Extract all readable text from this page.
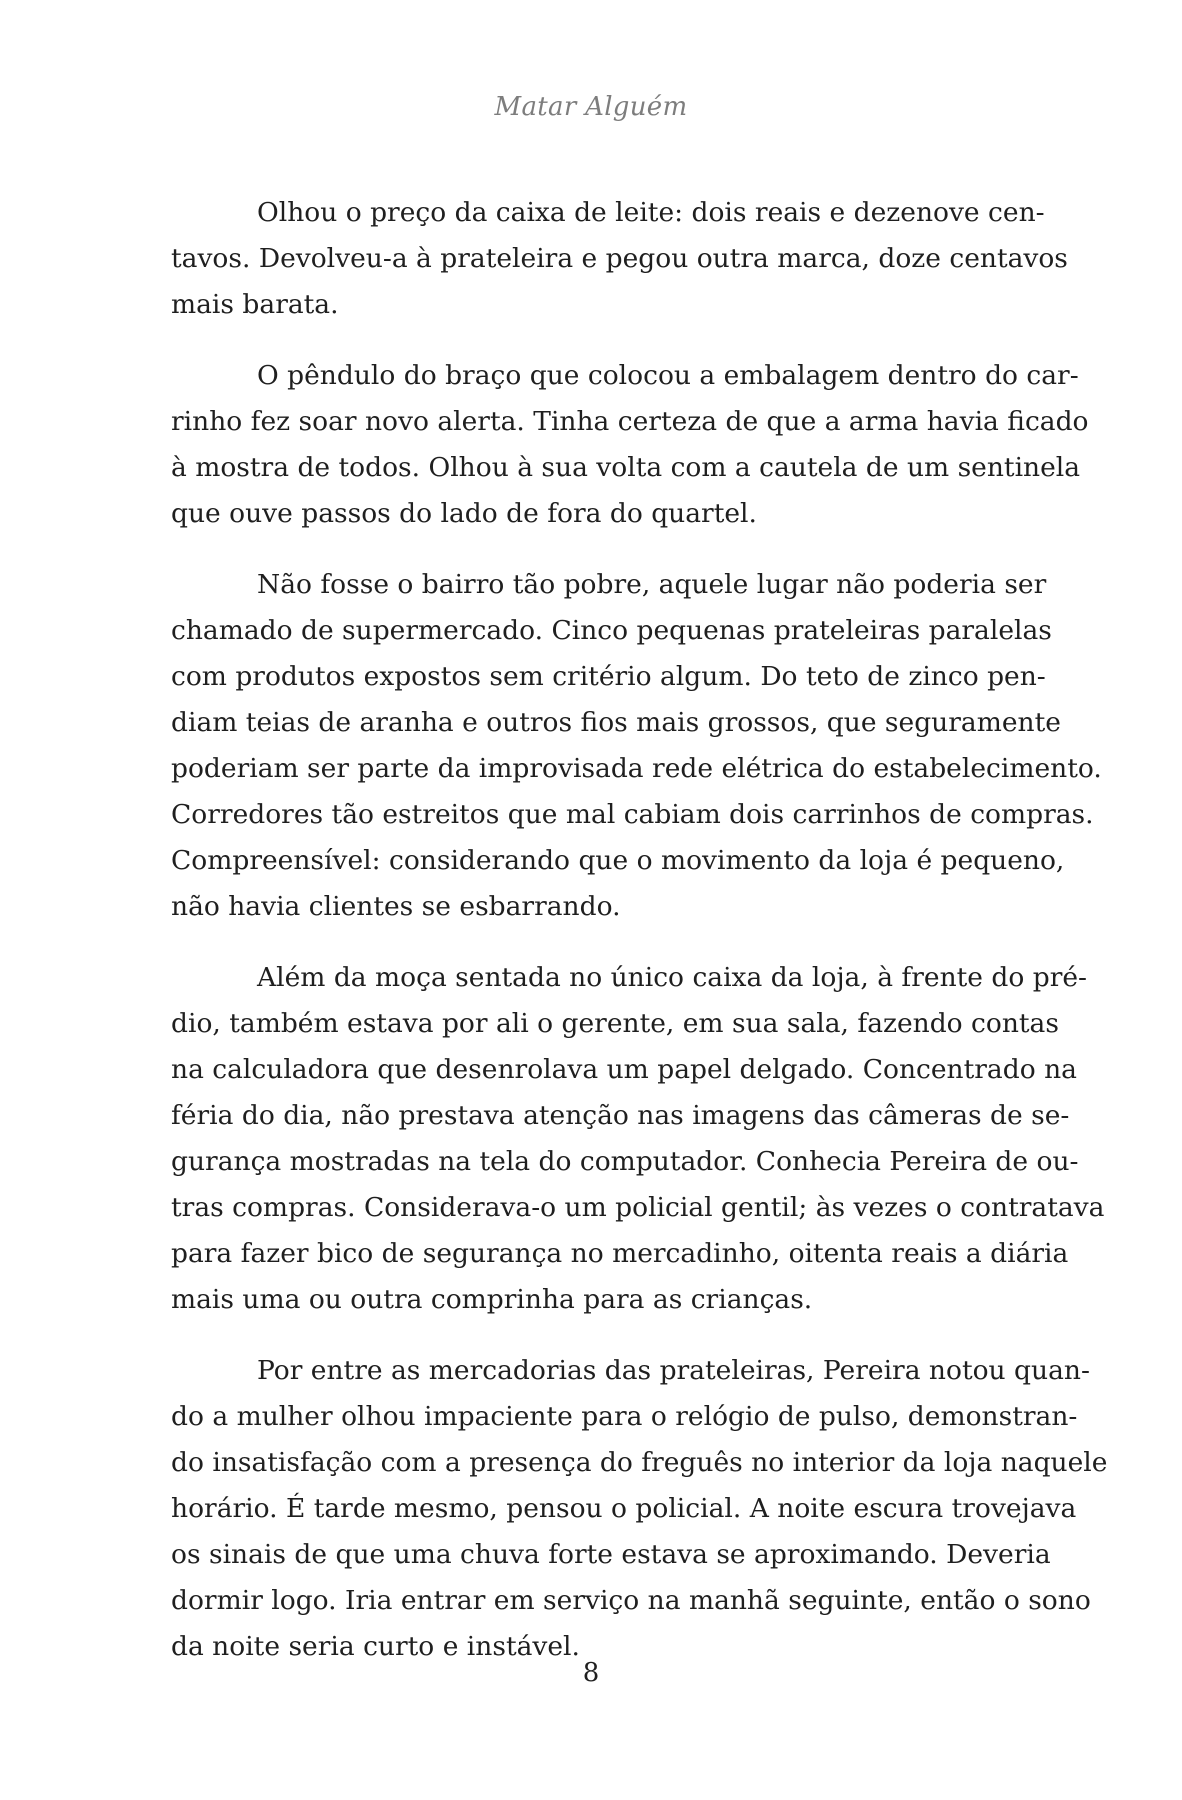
Matar Alguém
Olhou o preço da caixa de leite: dois reais e dezenove cen-
tavos. Devolveu-a à prateleira e pegou outra marca, doze centavos
mais barata.
O pêndulo do braço que colocou a embalagem dentro do car-
rinho fez soar novo alerta. Tinha certeza de que a arma havia ficado
à mostra de todos. Olhou à sua volta com a cautela de um sentinela
que ouve passos do lado de fora do quartel.
Não fosse o bairro tão pobre, aquele lugar não poderia ser
chamado de supermercado. Cinco pequenas prateleiras paralelas
com produtos expostos sem critério algum. Do teto de zinco pen-
diam teias de aranha e outros fios mais grossos, que seguramente
poderiam ser parte da improvisada rede elétrica do estabelecimento.
Corredores tão estreitos que mal cabiam dois carrinhos de compras.
Compreensível: considerando que o movimento da loja é pequeno,
não havia clientes se esbarrando.
Além da moça sentada no único caixa da loja, à frente do pré-
dio, também estava por ali o gerente, em sua sala, fazendo contas
na calculadora que desenrolava um papel delgado. Concentrado na
féria do dia, não prestava atenção nas imagens das câmeras de se-
gurança mostradas na tela do computador. Conhecia Pereira de ou-
tras compras. Considerava-o um policial gentil; às vezes o contratava
para fazer bico de segurança no mercadinho, oitenta reais a diária
mais uma ou outra comprinha para as crianças.
Por entre as mercadorias das prateleiras, Pereira notou quan-
do a mulher olhou impaciente para o relógio de pulso, demonstran-
do insatisfação com a presença do freguês no interior da loja naquele
horário. É tarde mesmo, pensou o policial. A noite escura trovejava
os sinais de que uma chuva forte estava se aproximando. Deveria
dormir logo. Iria entrar em serviço na manhã seguinte, então o sono
da noite seria curto e instável.
8
